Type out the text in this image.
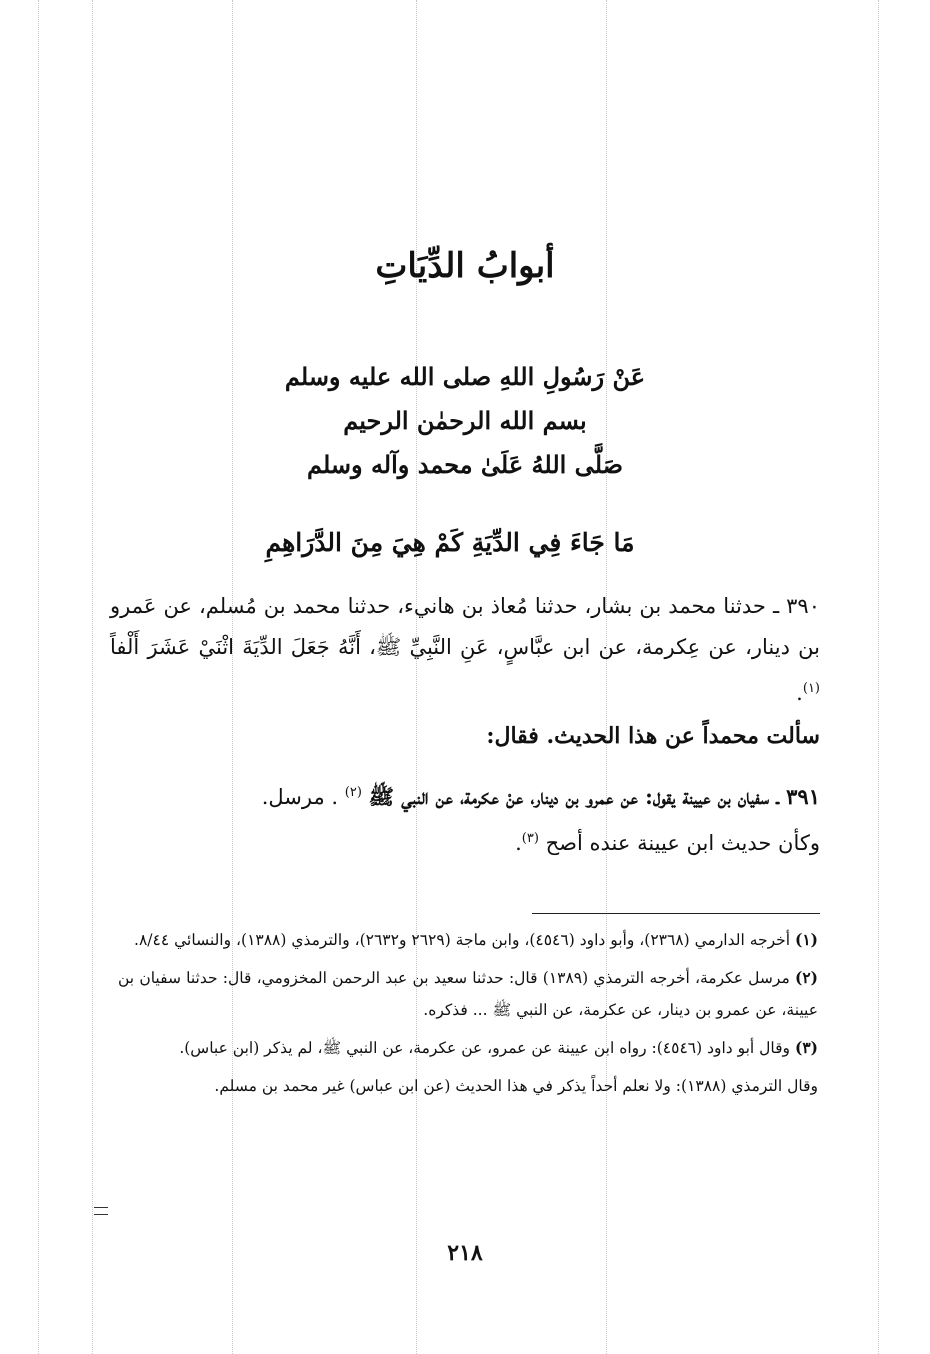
أبوابُ الدِّيَاتِ
عَنْ رَسُولِ اللهِ صلى الله عليه وسلم
بسم الله الرحمٰن الرحيم
صَلَّى اللهُ عَلَىٰ محمد وآله وسلم
مَا جَاءَ فِي الدِّيَةِ كَمْ هِيَ مِنَ الدَّرَاهِمِ
٣٩٠ ـ حدثنا محمد بن بشار، حدثنا مُعاذ بن هانيء، حدثنا محمد بن مُسلم، عن عَمرو بن دينار، عن عِكرمة، عن ابن عبَّاسٍ، عَنِ النَّبِيِّ ﷺ، أَنَّهُ جَعَلَ الدِّيَةَ اثْنَيْ عَشَرَ أَلْفاً $^{(١)}$.
سألت محمداً عن هذا الحديث. فقال:
٣٩١ ـ سفيان بن عيينة يقول: عن عمرو بن دينار، عنْ عكرمة، عن النبي ﷺ $^{(٢)}$ . مرسل.
وكأن حديث ابن عيينة عنده أصح $^{(٣)}$.
(١) أخرجه الدارمي (٢٣٦٨)، وأبو داود (٤٥٤٦)، وابن ماجة (٢٦٢٩ و٢٦٣٢)، والترمذي (١٣٨٨)، والنسائي ٨/٤٤.
(٢) مرسل عكرمة، أخرجه الترمذي (١٣٨٩) قال: حدثنا سعيد بن عبد الرحمن المخزومي، قال: حدثنا سفيان بن عيينة، عن عمرو بن دينار، عن عكرمة، عن النبي ﷺ ... فذكره.
(٣) وقال أبو داود (٤٥٤٦): رواه ابن عيينة عن عمرو، عن عكرمة، عن النبي ﷺ، لم يذكر (ابن عباس).
وقال الترمذي (١٣٨٨): ولا نعلم أحداً يذكر في هذا الحديث (عن ابن عباس) غير محمد بن مسلم.
٢١٨
